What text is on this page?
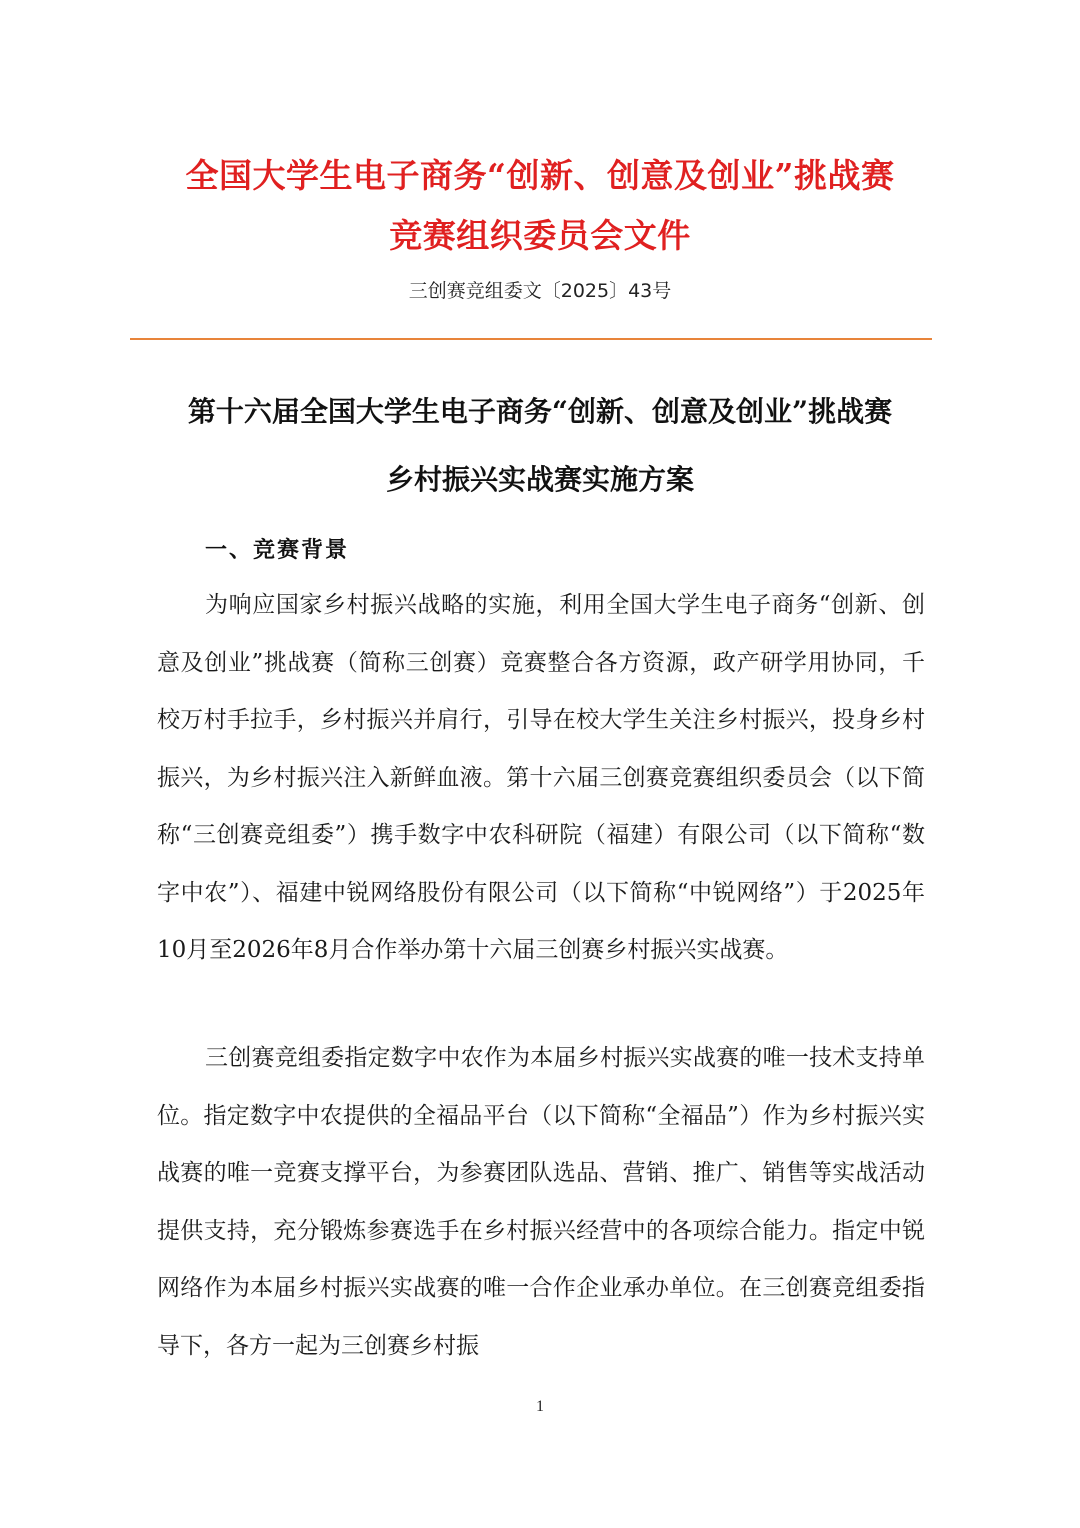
全国大学生电子商务“创新、创意及创业”挑战赛
竞赛组织委员会文件

三创赛竞组委文〔2025〕43号

第十六届全国大学生电子商务“创新、创意及创业”挑战赛
乡村振兴实战赛实施方案
一、竞赛背景

为响应国家乡村振兴战略的实施，利用全国大学生电子商务“创新、创意及创业”挑战赛（简称三创赛）竞赛整合各方资源，政产研学用协同，千校万村手拉手，乡村振兴并肩行，引导在校大学生关注乡村振兴，投身乡村振兴，为乡村振兴注入新鲜血液。第十六届三创赛竞赛组织委员会（以下简称“三创赛竞组委”）携手数字中农科研院（福建）有限公司（以下简称“数字中农”）、福建中锐网络股份有限公司（以下简称“中锐网络”）于2025年10月至2026年8月合作举办第十六届三创赛乡村振兴实战赛。

三创赛竞组委指定数字中农作为本届乡村振兴实战赛的唯一技术支持单位。指定数字中农提供的全福品平台（以下简称“全福品”）作为乡村振兴实战赛的唯一竞赛支撑平台，为参赛团队选品、营销、推广、销售等实战活动提供支持，充分锻炼参赛选手在乡村振兴经营中的各项综合能力。指定中锐网络作为本届乡村振兴实战赛的唯一合作企业承办单位。在三创赛竞组委指导下，各方一起为三创赛乡村振

1
